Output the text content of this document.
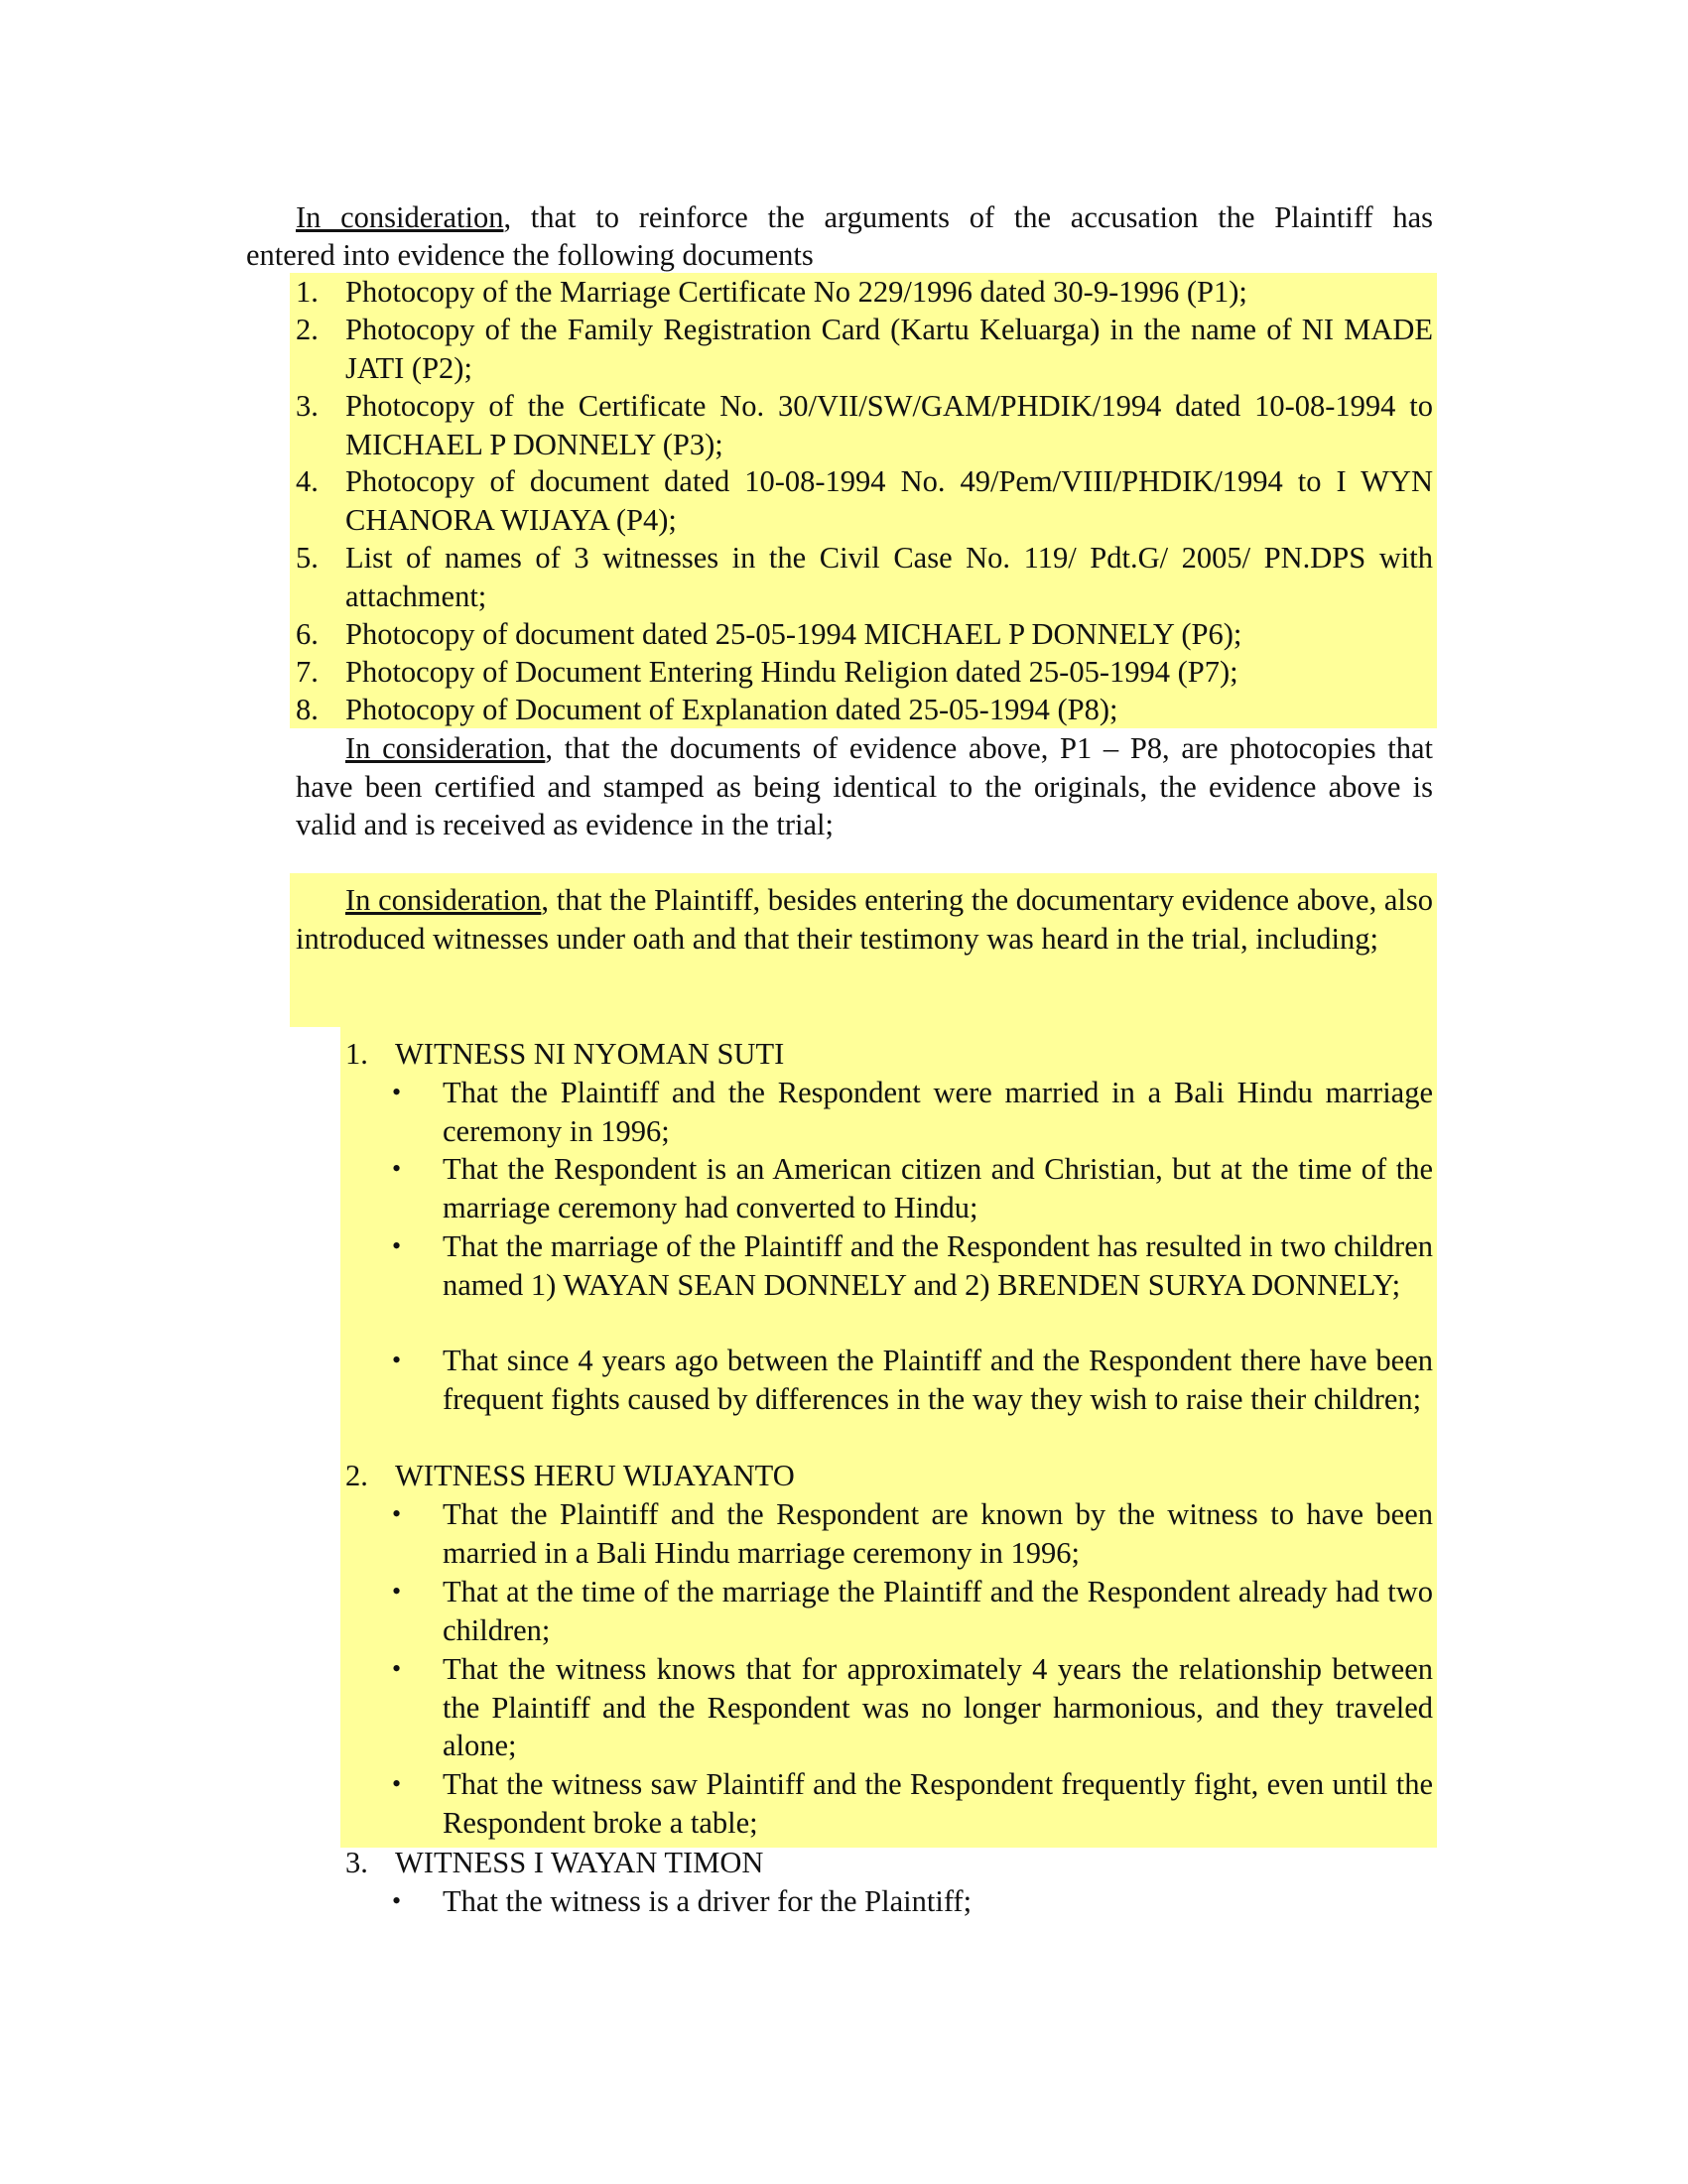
In consideration, that to reinforce the arguments of the accusation the Plaintiff has
entered into evidence the following documents
1. Photocopy of the Marriage Certificate No 229/1996 dated 30-9-1996 (P1);
2. Photocopy of the Family Registration Card (Kartu Keluarga) in the name of NI MADE JATI (P2);
3. Photocopy of the Certificate No. 30/VII/SW/GAM/PHDIK/1994 dated 10-08-1994 to MICHAEL P DONNELY (P3);
4. Photocopy of document dated 10-08-1994 No. 49/Pem/VIII/PHDIK/1994 to I WYN CHANORA WIJAYA (P4);
5. List of names of 3 witnesses in the Civil Case No. 119/ Pdt.G/ 2005/ PN.DPS with attachment;
6. Photocopy of document dated 25-05-1994 MICHAEL P DONNELY (P6);
7. Photocopy of Document Entering Hindu Religion dated 25-05-1994 (P7);
8. Photocopy of Document of Explanation dated 25-05-1994 (P8);
In consideration, that the documents of evidence above, P1 – P8, are photocopies that have been certified and stamped as being identical to the originals, the evidence above is valid and is received as evidence in the trial;
In consideration, that the Plaintiff, besides entering the documentary evidence above, also introduced witnesses under oath and that their testimony was heard in the trial, including;
1. WITNESS NI NYOMAN SUTI
• That the Plaintiff and the Respondent were married in a Bali Hindu marriage ceremony in 1996;
• That the Respondent is an American citizen and Christian, but at the time of the marriage ceremony had converted to Hindu;
• That the marriage of the Plaintiff and the Respondent has resulted in two children named 1) WAYAN SEAN DONNELY and 2) BRENDEN SURYA DONNELY;
• That since 4 years ago between the Plaintiff and the Respondent there have been frequent fights caused by differences in the way they wish to raise their children;
2. WITNESS HERU WIJAYANTO
• That the Plaintiff and the Respondent are known by the witness to have been married in a Bali Hindu marriage ceremony in 1996;
• That at the time of the marriage the Plaintiff and the Respondent already had two children;
• That the witness knows that for approximately 4 years the relationship between the Plaintiff and the Respondent was no longer harmonious, and they traveled alone;
• That the witness saw Plaintiff and the Respondent frequently fight, even until the Respondent broke a table;
3. WITNESS I WAYAN TIMON
• That the witness is a driver for the Plaintiff;
